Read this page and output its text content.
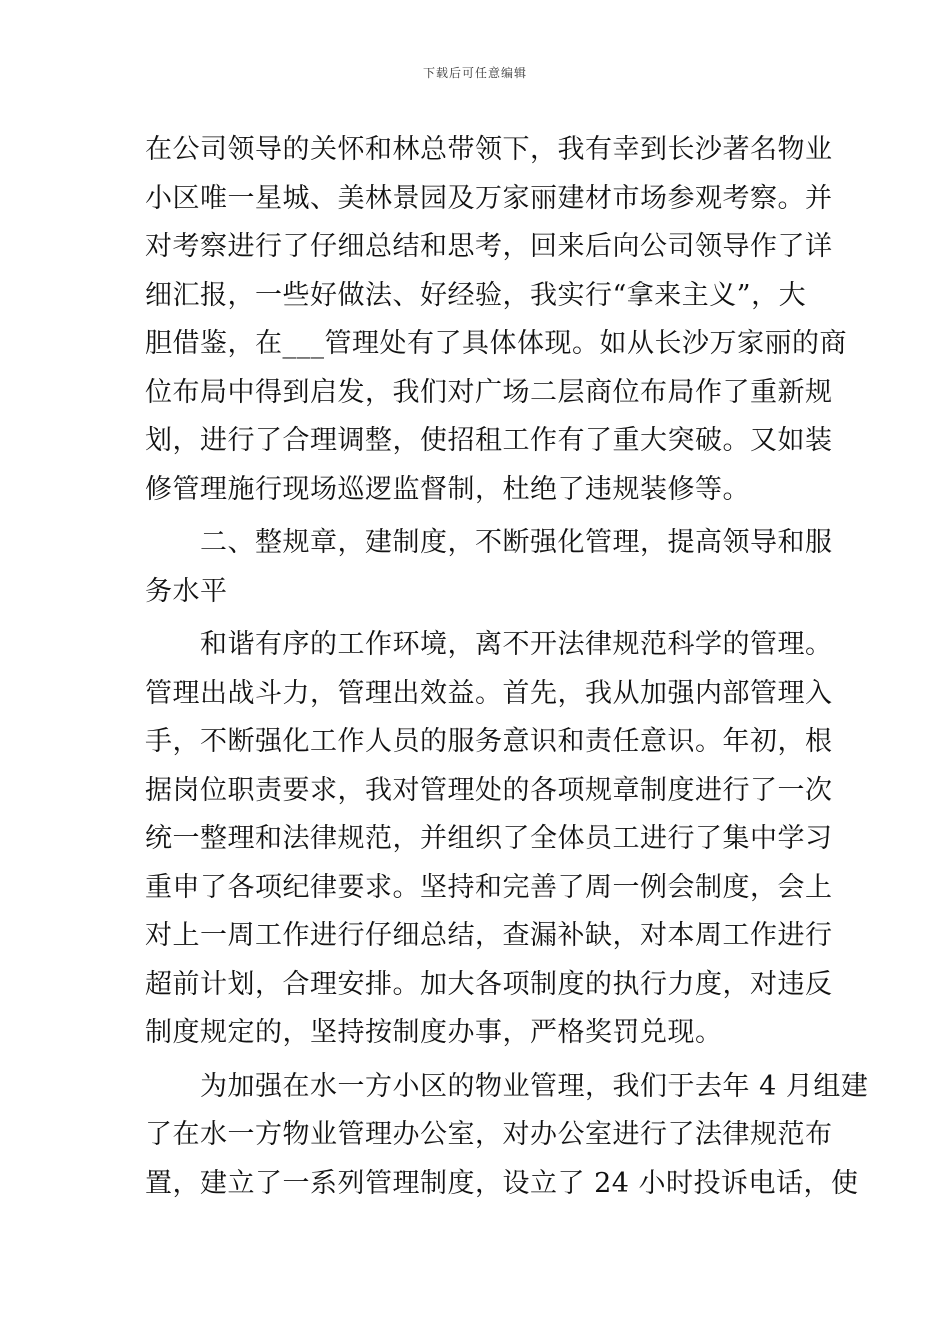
下载后可任意编辑
在公司领导的关怀和林总带领下，我有幸到长沙著名物业
小区唯一星城、美林景园及万家丽建材市场参观考察。并
对考察进行了仔细总结和思考，回来后向公司领导作了详
细汇报，一些好做法、好经验，我实行“拿来主义”，大
胆借鉴，在___管理处有了具体体现。如从长沙万家丽的商
位布局中得到启发，我们对广场二层商位布局作了重新规
划，进行了合理调整，使招租工作有了重大突破。又如装
修管理施行现场巡逻监督制，杜绝了违规装修等。
　　二、整规章，建制度，不断强化管理，提高领导和服
务水平
　　和谐有序的工作环境，离不开法律规范科学的管理。
管理出战斗力，管理出效益。首先，我从加强内部管理入
手，不断强化工作人员的服务意识和责任意识。年初，根
据岗位职责要求，我对管理处的各项规章制度进行了一次
统一整理和法律规范，并组织了全体员工进行了集中学习
重申了各项纪律要求。坚持和完善了周一例会制度，会上
对上一周工作进行仔细总结，查漏补缺，对本周工作进行
超前计划，合理安排。加大各项制度的执行力度，对违反
制度规定的，坚持按制度办事，严格奖罚兑现。
　　为加强在水一方小区的物业管理，我们于去年 4 月组建
了在水一方物业管理办公室，对办公室进行了法律规范布
置，建立了一系列管理制度，设立了 24 小时投诉电话，使
